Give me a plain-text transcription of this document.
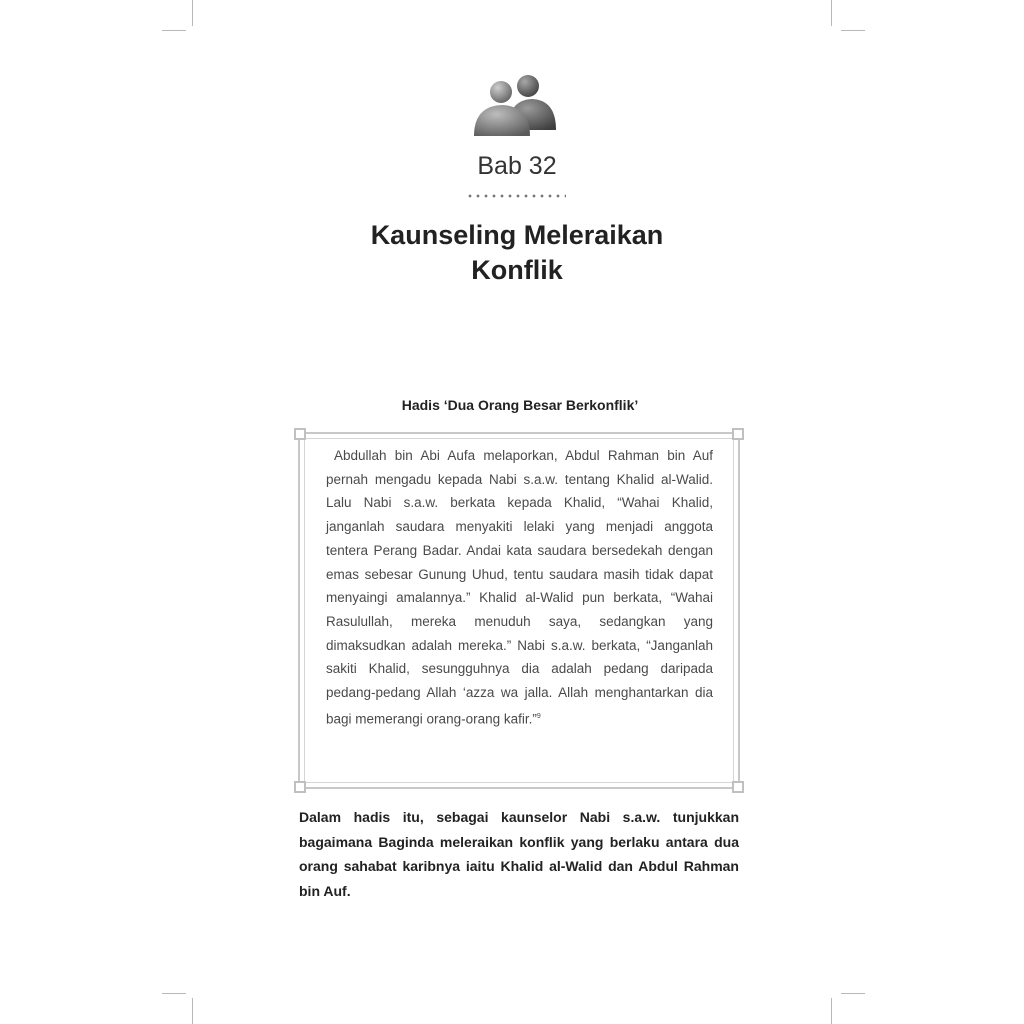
Bab 32
Kaunseling Meleraikan
Konflik
Hadis ‘Dua Orang Besar Berkonflik’
Abdullah bin Abi Aufa melaporkan, Abdul Rahman bin Auf pernah mengadu kepada Nabi s.a.w. tentang Khalid al-Walid. Lalu Nabi s.a.w. berkata kepada Khalid, “Wahai Khalid, janganlah saudara menyakiti lelaki yang menjadi anggota tentera Perang Badar. Andai kata saudara bersedekah dengan emas sebesar Gunung Uhud, tentu saudara masih tidak dapat menyaingi amalannya.” Khalid al-Walid pun berkata, “Wahai Rasulullah, mereka menuduh saya, sedangkan yang dimaksudkan adalah mereka.” Nabi s.a.w. berkata, “Janganlah sakiti Khalid, sesungguhnya dia adalah pedang daripada pedang-pedang Allah ‘azza wa jalla. Allah menghantarkan dia bagi memerangi orang-orang kafir.”$^9$
Dalam hadis itu, sebagai kaunselor Nabi s.a.w. tunjukkan bagaimana Baginda meleraikan konflik yang berlaku antara dua orang sahabat karibnya iaitu Khalid al-Walid dan Abdul Rahman bin Auf.
